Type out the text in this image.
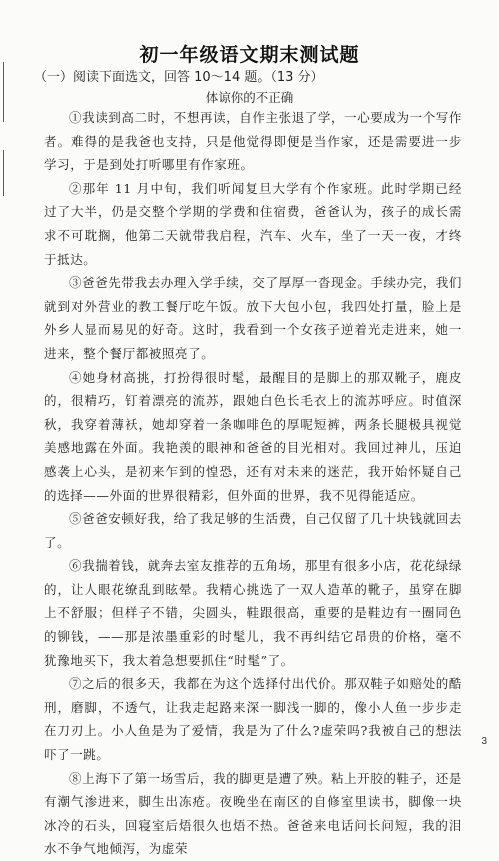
初一年级语文期末测试题
（一）阅读下面选文，回答 10～14 题。（13 分）
体谅你的不正确

①我读到高二时，不想再读，自作主张退了学，一心要成为一个写作者。难得的是我爸也支持，只是他觉得即便是当作家，还是需要进一步学习，于是到处打听哪里有作家班。

②那年 11 月中旬，我们听闻复旦大学有个作家班。此时学期已经过了大半，仍是交整个学期的学费和住宿费，爸爸认为，孩子的成长需求不可耽搁，他第二天就带我启程，汽车、火车，坐了一天一夜，才终于抵达。

③爸爸先带我去办理入学手续，交了厚厚一沓现金。手续办完，我们就到对外营业的教工餐厅吃午饭。放下大包小包，我四处打量，脸上是外乡人显而易见的好奇。这时，我看到一个女孩子逆着光走进来，她一进来，整个餐厅都被照亮了。

④她身材高挑，打扮得很时髦，最醒目的是脚上的那双靴子，鹿皮的，很精巧，钉着漂亮的流苏，跟她白色长毛衣上的流苏呼应。时值深秋，我穿着薄袄，她却穿着一条咖啡色的厚呢短裤，两条长腿极具视觉美感地露在外面。我艳羡的眼神和爸爸的目光相对。我回过神儿，压迫感袭上心头，是初来乍到的惶恐，还有对未来的迷茫，我开始怀疑自己的选择——外面的世界很精彩，但外面的世界，我不见得能适应。

⑤爸爸安顿好我，给了我足够的生活费，自己仅留了几十块钱就回去了。

⑥我揣着钱，就奔去室友推荐的五角场，那里有很多小店，花花绿绿的，让人眼花缭乱到眩晕。我精心挑选了一双人造革的靴子，虽穿在脚上不舒服；但样子不错，尖圆头，鞋跟很高，重要的是鞋边有一圈同色的铆钱，——那是浓墨重彩的时髦儿，我不再纠结它昂贵的价格，毫不犹豫地买下，我太着急想要抓住“时髦”了。

⑦之后的很多天，我都在为这个选择付出代价。那双鞋子如赔处的酷刑，磨脚，不透气，让我走起路来深一脚浅一脚的，像小人鱼一步步走在刀刃上。小人鱼是为了爱情，我是为了什么?虚荣吗?我被自己的想法吓了一跳。

⑧上海下了第一场雪后，我的脚更是遭了殃。粘上开胶的鞋子，还是有潮气渗进来，脚生出冻疮。夜晚坐在南区的自修室里读书，脚像一块冰冷的石头，回寝室后焐很久也焐不热。爸爸来电话问长问短，我的泪水不争气地倾泻，为虚荣

3
